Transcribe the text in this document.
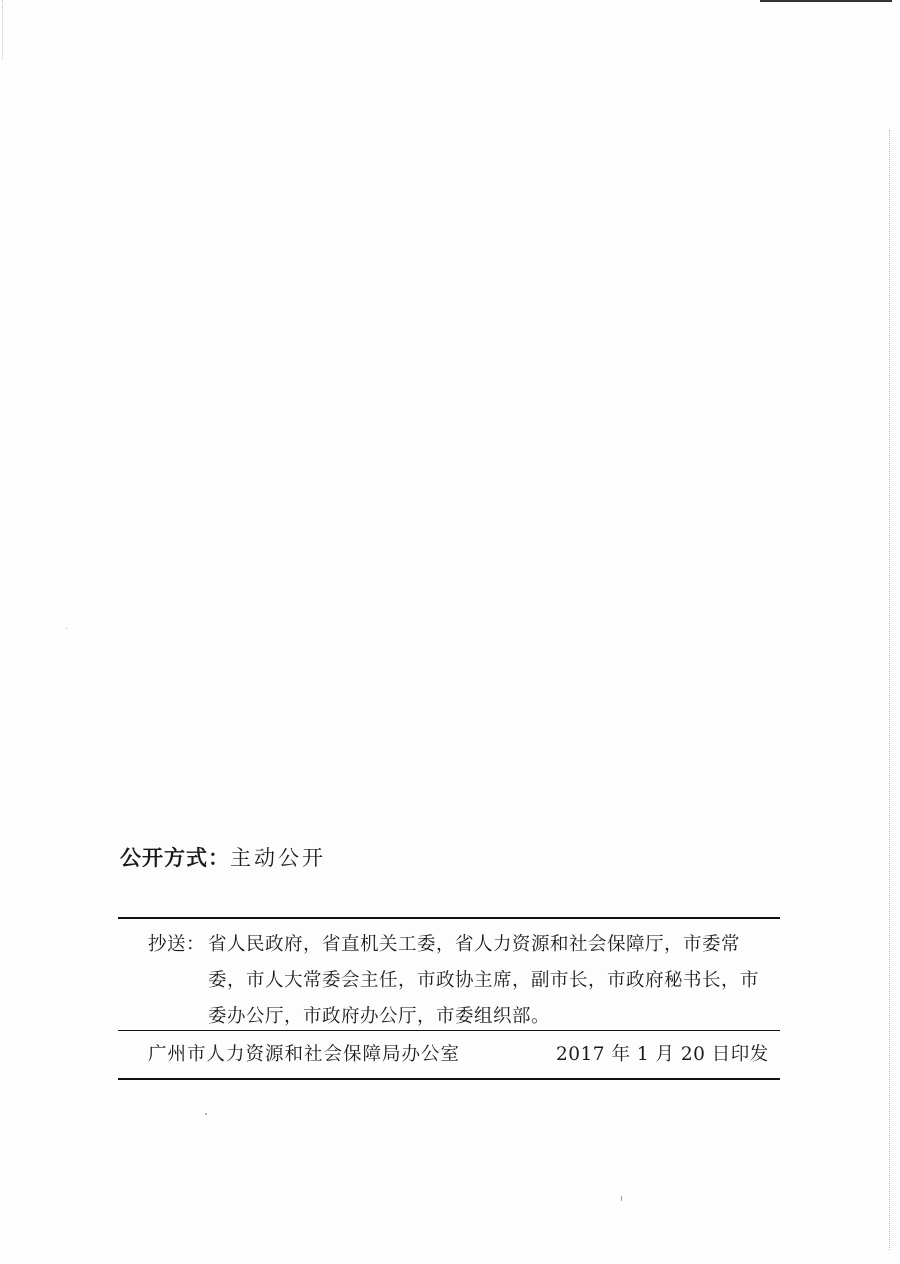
公开方式：主动公开
抄送： 省人民政府，省直机关工委，省人力资源和社会保障厅，市委常
委，市人大常委会主任，市政协主席，副市长，市政府秘书长，市
委办公厅，市政府办公厅，市委组织部。
广州市人力资源和社会保障局办公室	2017 年 1 月 20 日印发
